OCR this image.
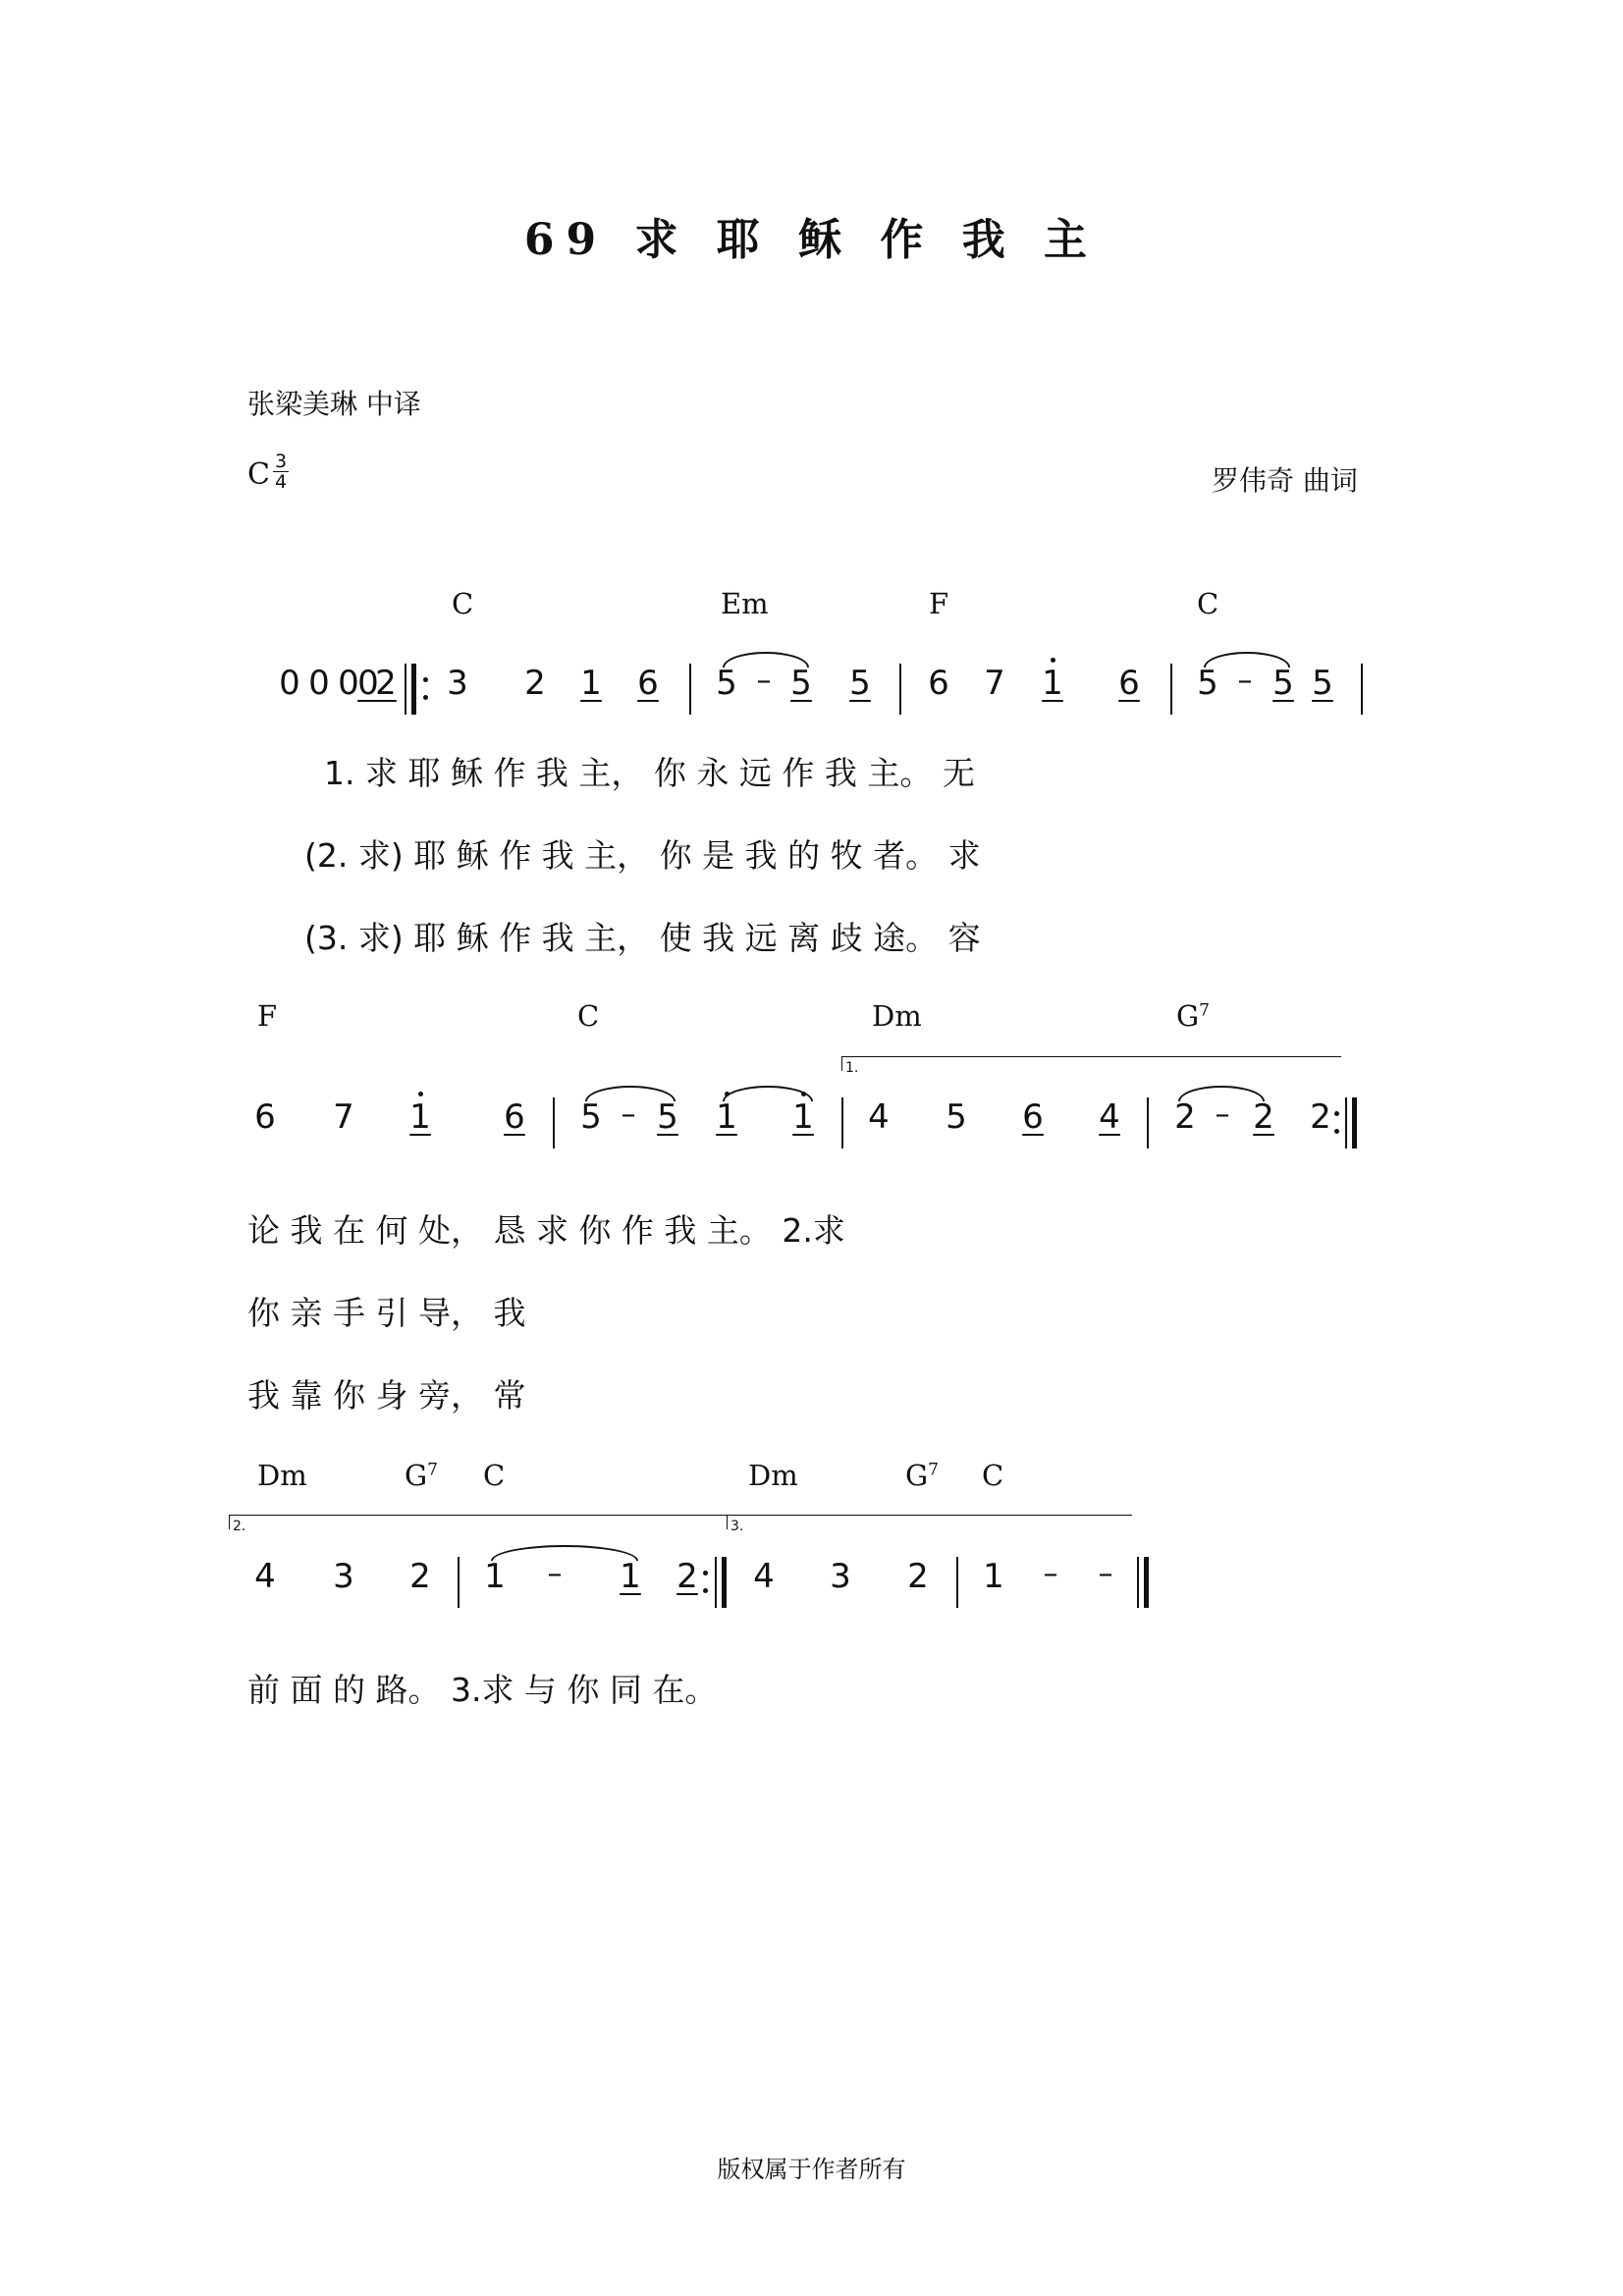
69 求 耶 稣 作 我 主
张梁美琳 中译
罗伟奇 曲词
C $\frac{3}{4}$
C	Em	F	C
0 0 0
0
2 3 2 1 6 5 – 5 5 6 7 1 6 5 – 5 5
1. 求 耶 稣 作 我 主， 你 永 远 作 我 主。 无
(2. 求) 耶 稣 作 我 主， 你 是 我 的 牧 者。 求
(3. 求) 耶 稣 作 我 主， 使 我 远 离 歧 途。 容
F	C	Dm	$G^7$
1.
6 7 1 6 5 – 5 1 1 4 5 6 4 2 – 2 2
论 我 在 何 处， 恳 求 你 作 我 主。 2.求
你 亲 手 引 导， 我
我 靠 你 身 旁， 常
Dm	$G^7$ C	Dm	$G^7$ C
2.	3.
4 3 2 1 – 1 2 4 3 2 1 – –
前 面 的 路。 3.求 与 你 同 在。
版权属于作者所有
